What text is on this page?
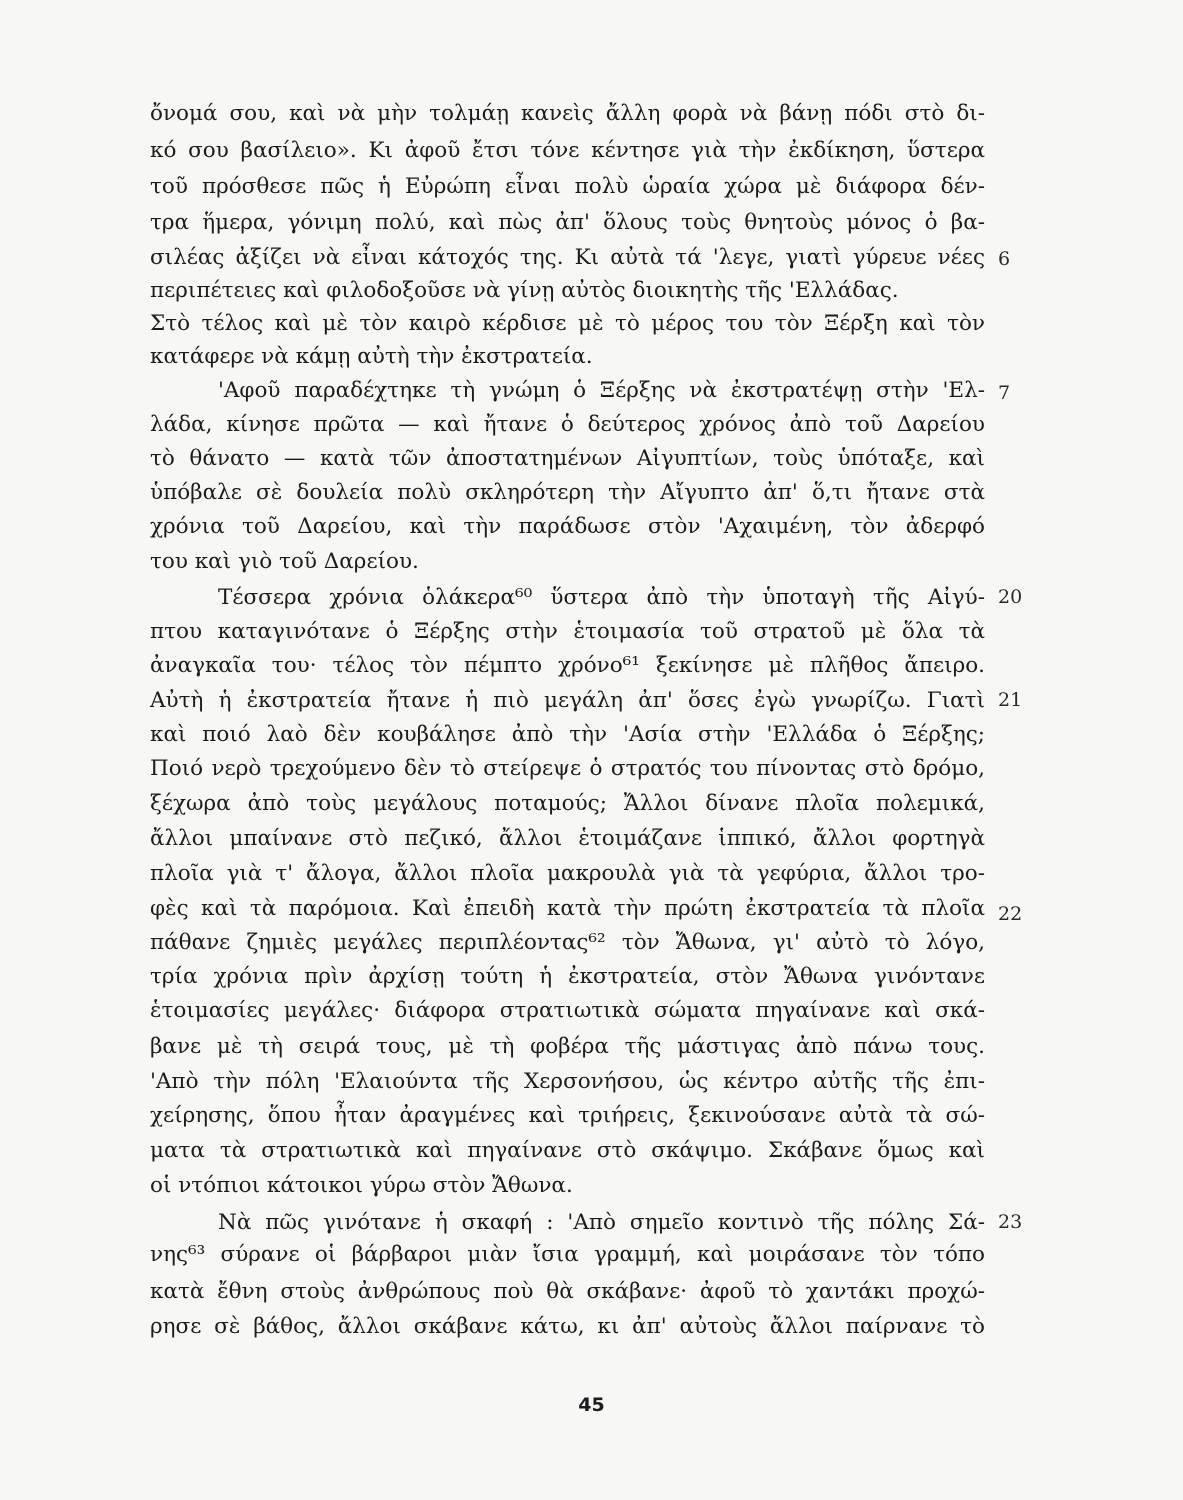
ὄνομά σου, καὶ νὰ μὴν τολμάῃ κανεὶς ἄλλη φορὰ νὰ βάνῃ πόδι στὸ δι-
κό σου βασίλειο». Κι ἀφοῦ ἔτσι τόνε κέντησε γιὰ τὴν ἐκδίκηση, ὕστερα
τοῦ πρόσθεσε πῶς ἡ Εὐρώπη εἶναι πολὺ ὡραία χώρα μὲ διάφορα δέν-
τρα ἥμερα, γόνιμη πολύ, καὶ πὼς ἀπ' ὅλους τοὺς θνητοὺς μόνος ὁ βα-
σιλέας ἀξίζει νὰ εἶναι κάτοχός της. Κι αὐτὰ τά 'λεγε, γιατὶ γύρευε νέες
περιπέτειες καὶ φιλοδοξοῦσε νὰ γίνῃ αὐτὸς διοικητὴς τῆς 'Ελλάδας.
Στὸ τέλος καὶ μὲ τὸν καιρὸ κέρδισε μὲ τὸ μέρος του τὸν Ξέρξη καὶ τὸν
κατάφερε νὰ κάμῃ αὐτὴ τὴν ἐκστρατεία.
'Αφοῦ παραδέχτηκε τὴ γνώμη ὁ Ξέρξης νὰ ἐκστρατέψῃ στὴν 'Ελ-
λάδα, κίνησε πρῶτα — καὶ ἤτανε ὁ δεύτερος χρόνος ἀπὸ τοῦ Δαρείου
τὸ θάνατο — κατὰ τῶν ἀποστατημένων Αἰγυπτίων, τοὺς ὑπόταξε, καὶ
ὑπόβαλε σὲ δουλεία πολὺ σκληρότερη τὴν Αἴγυπτο ἀπ' ὅ,τι ἤτανε στὰ
χρόνια τοῦ Δαρείου, καὶ τὴν παράδωσε στὸν 'Αχαιμένη, τὸν ἀδερφό
του καὶ γιὸ τοῦ Δαρείου.
Τέσσερα χρόνια ὁλάκερα⁶⁰ ὕστερα ἀπὸ τὴν ὑποταγὴ τῆς Αἰγύ-
πτου καταγινότανε ὁ Ξέρξης στὴν ἑτοιμασία τοῦ στρατοῦ μὲ ὅλα τὰ
ἀναγκαῖα του· τέλος τὸν πέμπτο χρόνο⁶¹ ξεκίνησε μὲ πλῆθος ἄπειρο.
Αὐτὴ ἡ ἐκστρατεία ἤτανε ἡ πιὸ μεγάλη ἀπ' ὅσες ἐγὼ γνωρίζω. Γιατὶ
καὶ ποιό λαὸ δὲν κουβάλησε ἀπὸ τὴν 'Ασία στὴν 'Ελλάδα ὁ Ξέρξης;
Ποιό νερὸ τρεχούμενο δὲν τὸ στείρεψε ὁ στρατός του πίνοντας στὸ δρόμο,
ξέχωρα ἀπὸ τοὺς μεγάλους ποταμούς; Ἄλλοι δίνανε πλοῖα πολεμικά,
ἄλλοι μπαίνανε στὸ πεζικό, ἄλλοι ἑτοιμάζανε ἱππικό, ἄλλοι φορτηγὰ
πλοῖα γιὰ τ' ἄλογα, ἄλλοι πλοῖα μακρουλὰ γιὰ τὰ γεφύρια, ἄλλοι τρο-
φὲς καὶ τὰ παρόμοια. Καὶ ἐπειδὴ κατὰ τὴν πρώτη ἐκστρατεία τὰ πλοῖα
πάθανε ζημιὲς μεγάλες περιπλέοντας⁶² τὸν Ἄθωνα, γι' αὐτὸ τὸ λόγο,
τρία χρόνια πρὶν ἀρχίσῃ τούτη ἡ ἐκστρατεία, στὸν Ἄθωνα γινόντανε
ἑτοιμασίες μεγάλες· διάφορα στρατιωτικὰ σώματα πηγαίνανε καὶ σκά-
βανε μὲ τὴ σειρά τους, μὲ τὴ φοβέρα τῆς μάστιγας ἀπὸ πάνω τους.
'Απὸ τὴν πόλη 'Ελαιούντα τῆς Χερσονήσου, ὡς κέντρο αὐτῆς τῆς ἐπι-
χείρησης, ὅπου ἦταν ἀραγμένες καὶ τριήρεις, ξεκινούσανε αὐτὰ τὰ σώ-
ματα τὰ στρατιωτικὰ καὶ πηγαίνανε στὸ σκάψιμο. Σκάβανε ὅμως καὶ
οἱ ντόπιοι κάτοικοι γύρω στὸν Ἄθωνα.
Νὰ πῶς γινότανε ἡ σκαφή : 'Απὸ σημεῖο κοντινὸ τῆς πόλης Σά-
νης⁶³ σύρανε οἱ βάρβαροι μιὰν ἴσια γραμμή, καὶ μοιράσανε τὸν τόπο
κατὰ ἔθνη στοὺς ἀνθρώπους ποὺ θὰ σκάβανε· ἀφοῦ τὸ χαντάκι προχώ-
ρησε σὲ βάθος, ἄλλοι σκάβανε κάτω, κι ἀπ' αὐτοὺς ἄλλοι παίρνανε τὸ
6
7
20
21
22
23
45
